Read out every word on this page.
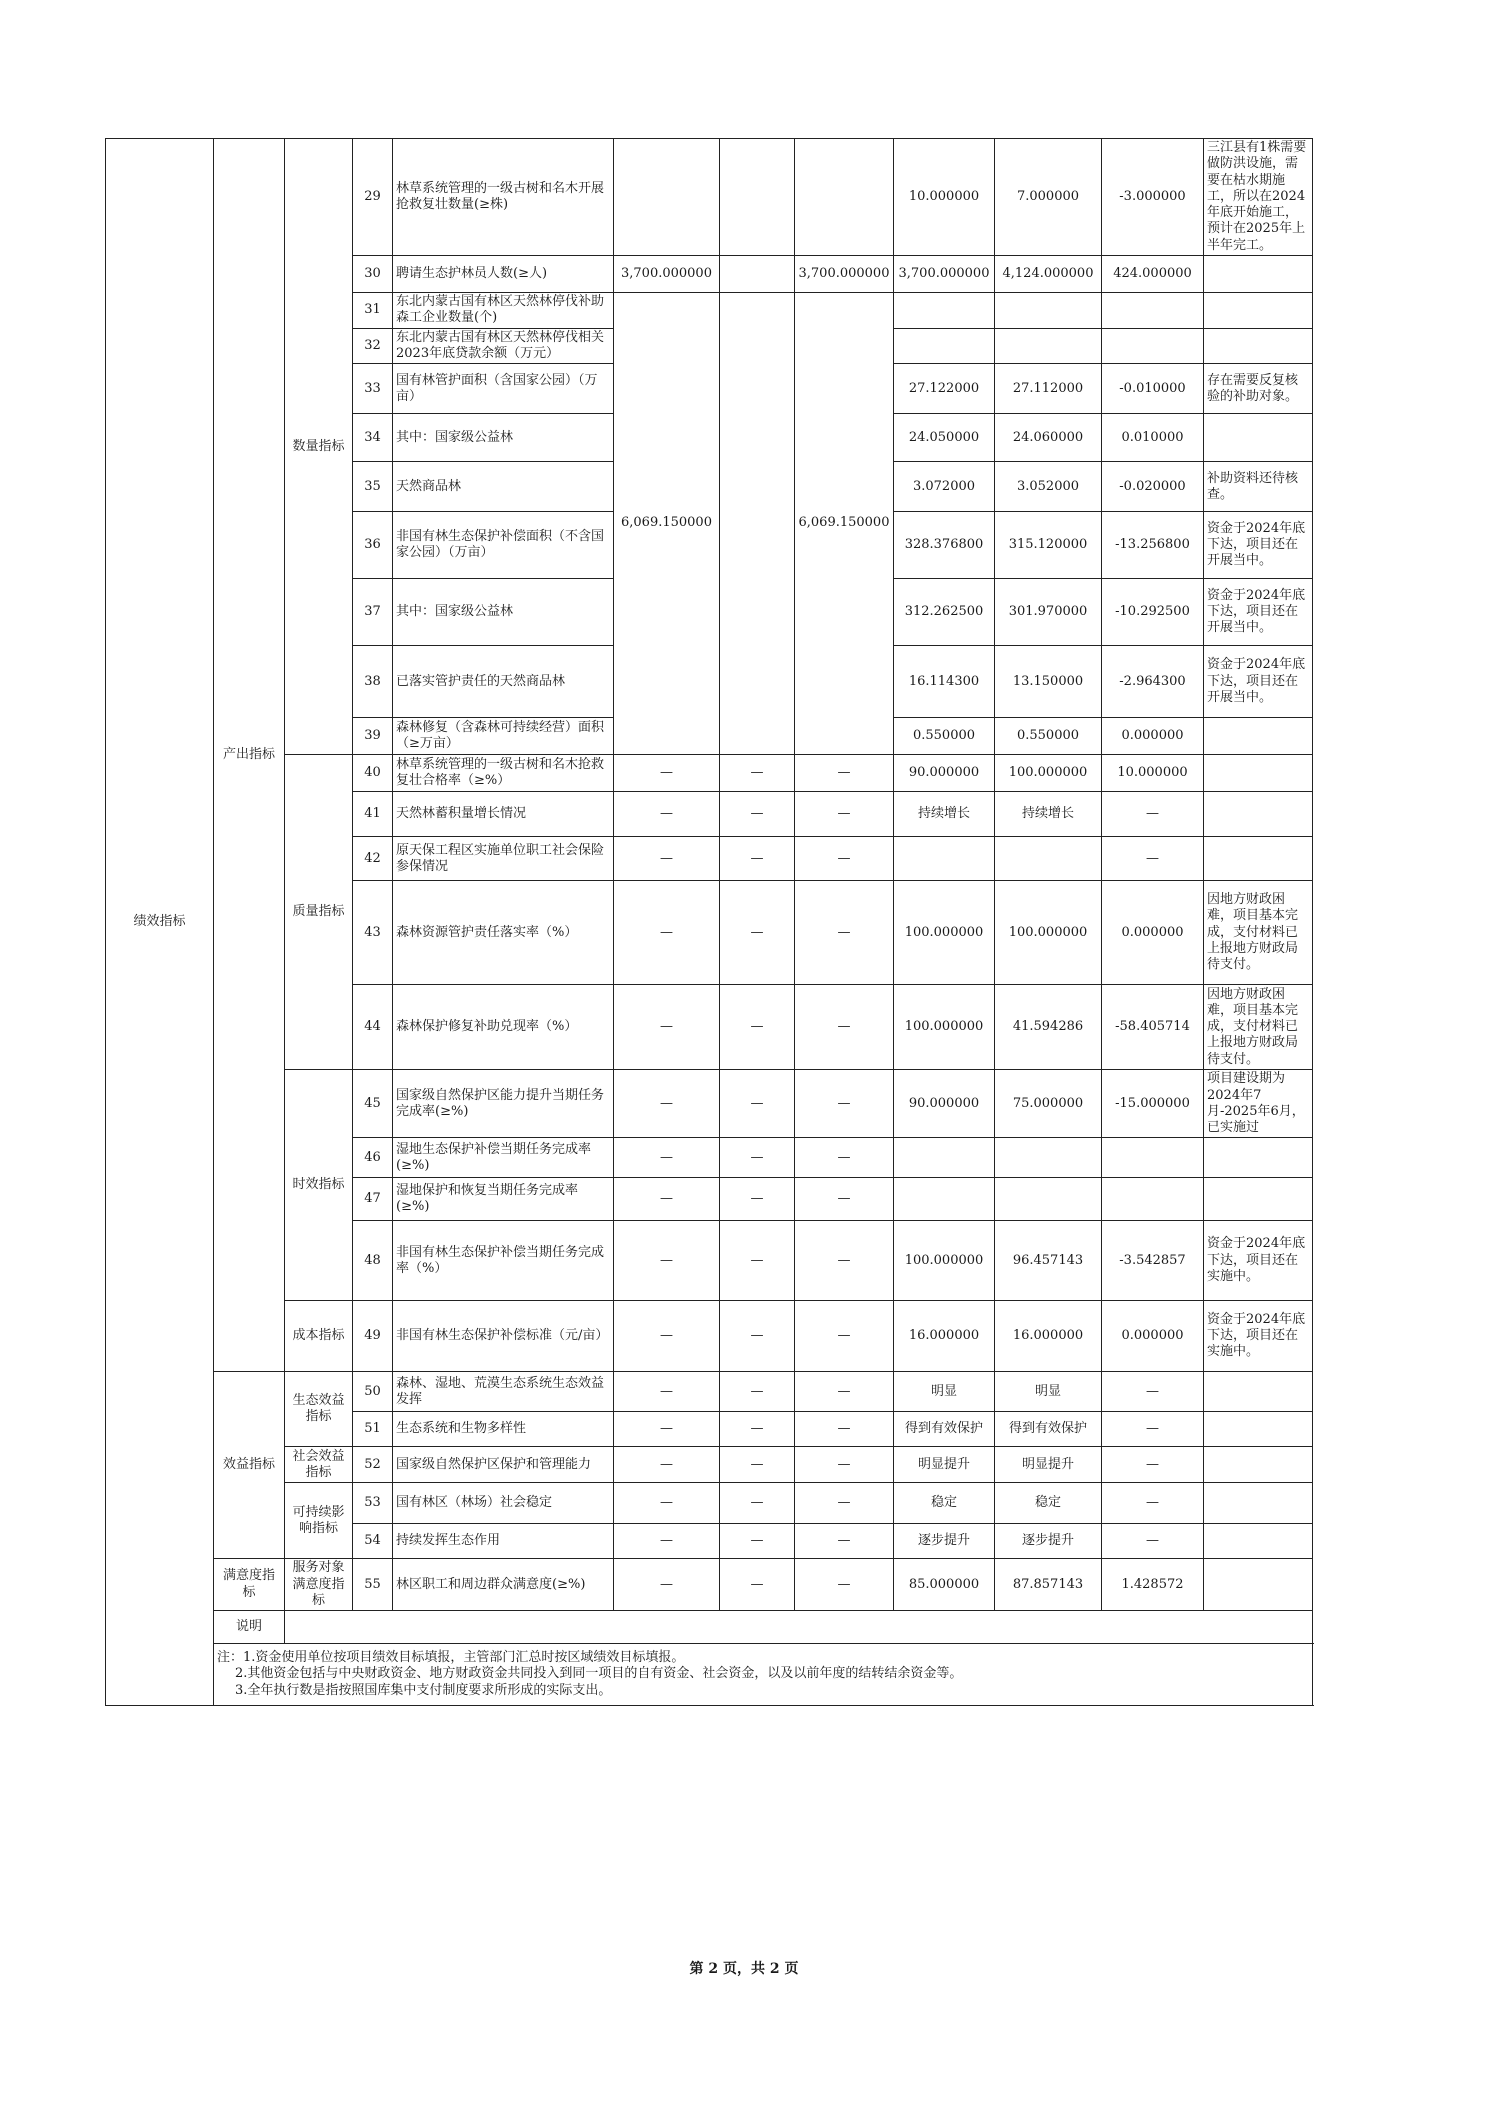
绩效指标	产出指标	数量指标	29	林草系统管理的一级古树和名木开展抢救复壮数量(≥株)				10.000000	7.000000	-3.000000	三江县有1株需要做防洪设施，需要在枯水期施工，所以在2024年底开始施工，预计在2025年上半年完工。
			30	聘请生态护林员人数(≥人)	3,700.000000		3,700.000000	3,700.000000	4,124.000000	424.000000	
			31	东北内蒙古国有林区天然林停伐补助森工企业数量(个)	6,069.150000		6,069.150000				
			32	东北内蒙古国有林区天然林停伐相关2023年底贷款余额（万元）							
			33	国有林管护面积（含国家公园）（万亩）				27.122000	27.112000	-0.010000	存在需要反复核验的补助对象。
			34	其中：国家级公益林				24.050000	24.060000	0.010000	
			35	天然商品林				3.072000	3.052000	-0.020000	补助资料还待核查。
			36	非国有林生态保护补偿面积（不含国家公园）（万亩）				328.376800	315.120000	-13.256800	资金于2024年底下达，项目还在开展当中。
			37	其中：国家级公益林				312.262500	301.970000	-10.292500	资金于2024年底下达，项目还在开展当中。
			38	已落实管护责任的天然商品林				16.114300	13.150000	-2.964300	资金于2024年底下达，项目还在开展当中。
			39	森林修复（含森林可持续经营）面积（≥万亩）				0.550000	0.550000	0.000000	
		质量指标	40	林草系统管理的一级古树和名木抢救复壮合格率（≥%）	—	—	—	90.000000	100.000000	10.000000	
			41	天然林蓄积量增长情况	—	—	—	持续增长	持续增长	—	
			42	原天保工程区实施单位职工社会保险参保情况	—	—	—			—	
			43	森林资源管护责任落实率（%）	—	—	—	100.000000	100.000000	0.000000	因地方财政困难，项目基本完成，支付材料已上报地方财政局待支付。
			44	森林保护修复补助兑现率（%）	—	—	—	100.000000	41.594286	-58.405714	因地方财政困难，项目基本完成，支付材料已上报地方财政局待支付。
		时效指标	45	国家级自然保护区能力提升当期任务完成率(≥%)	—	—	—	90.000000	75.000000	-15.000000	项目建设期为2024年7月-2025年6月，已实施过
			46	湿地生态保护补偿当期任务完成率(≥%)	—	—	—				
			47	湿地保护和恢复当期任务完成率(≥%)	—	—	—				
			48	非国有林生态保护补偿当期任务完成率（%）	—	—	—	100.000000	96.457143	-3.542857	资金于2024年底下达，项目还在实施中。
		成本指标	49	非国有林生态保护补偿标准（元/亩）	—	—	—	16.000000	16.000000	0.000000	资金于2024年底下达，项目还在实施中。
	效益指标	生态效益指标	50	森林、湿地、荒漠生态系统生态效益发挥	—	—	—	明显	明显	—	
			51	生态系统和生物多样性	—	—	—	得到有效保护	得到有效保护	—	
		社会效益指标	52	国家级自然保护区保护和管理能力	—	—	—	明显提升	明显提升	—	
		可持续影响指标	53	国有林区（林场）社会稳定	—	—	—	稳定	稳定	—	
			54	持续发挥生态作用	—	—	—	逐步提升	逐步提升	—	
	满意度指标	服务对象满意度指标	55	林区职工和周边群众满意度(≥%)	—	—	—	85.000000	87.857143	1.428572	
	说明										

	注：1.资金使用单位按项目绩效目标填报，主管部门汇总时按区域绩效目标填报。
2.其他资金包括与中央财政资金、地方财政资金共同投入到同一项目的自有资金、社会资金，以及以前年度的结转结余资金等。
3.全年执行数是指按照国库集中支付制度要求所形成的实际支出。										
第 2 页，共 2 页
